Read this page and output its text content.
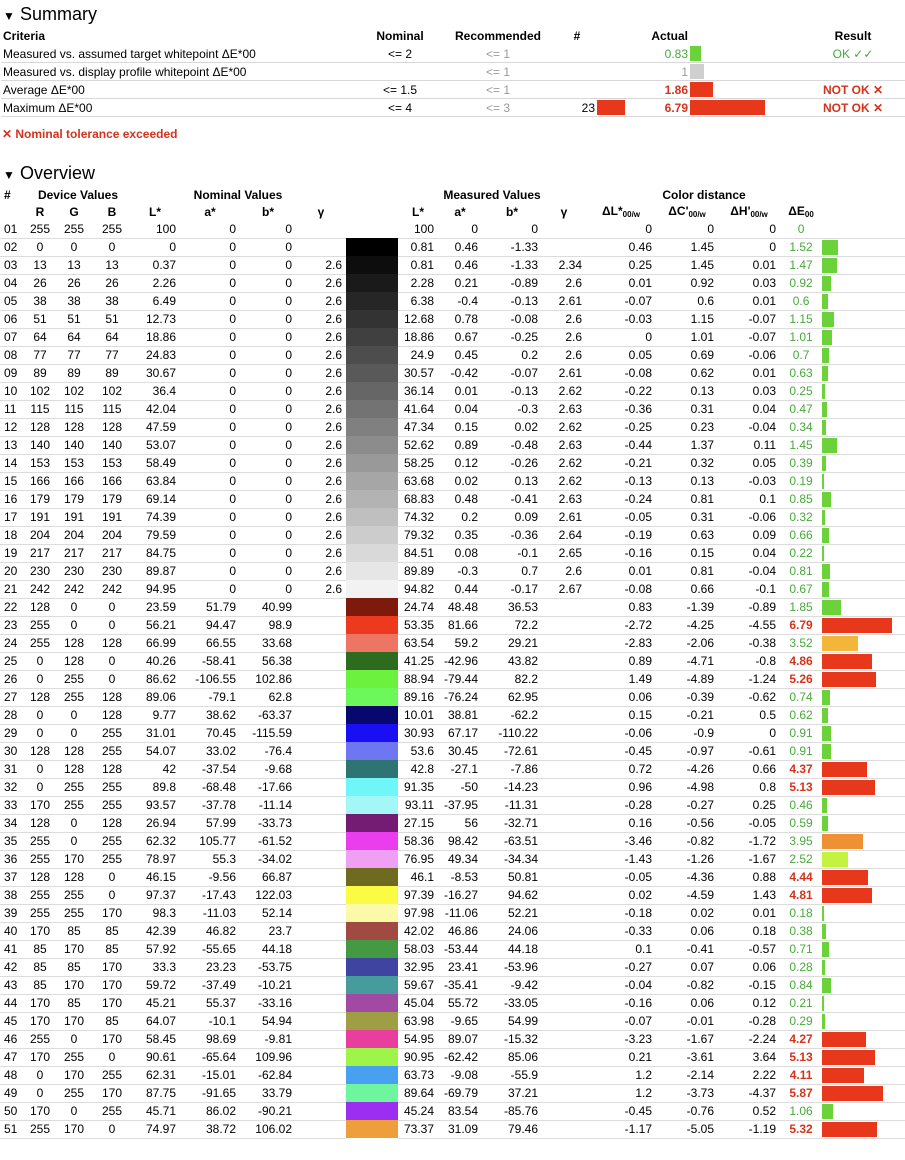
▼ Summary
Criteria	Nominal	Recommended	#		Actual			Result
Measured vs. assumed target whitepoint ΔE*00	<= 2	<= 1			0.83			OK ✓✓
Measured vs. display profile whitepoint ΔE*00		<= 1			1	

Average ΔE*00	<= 1.5	<= 1			1.86			NOT OK ✕
Maximum ΔE*00	<= 4	<= 3	23		6.79			NOT OK ✕
✕ Nominal tolerance exceeded
▼ Overview
#	Device Values			Nominal Values					Measured Values				Color distance				
	R	G	B	L*	a*	b*	γ		L*	a*	b*	γ	$\Delta L*_{00/w}$	$\Delta C'_{00/w}$	$\Delta H'_{00/w}$	$\Delta E_{00}$	
01	255	255	255	100	0	0			100	0	0		0	0	0	0	

02	0	0	0	0	0	0			0.81	0.46	-1.33		0.46	1.45	0	1.52	

03	13	13	13	0.37	0	0	2.6		0.81	0.46	-1.33	2.34	0.25	1.45	0.01	1.47	

04	26	26	26	2.26	0	0	2.6		2.28	0.21	-0.89	2.6	0.01	0.92	0.03	0.92	

05	38	38	38	6.49	0	0	2.6		6.38	-0.4	-0.13	2.61	-0.07	0.6	0.01	0.6	

06	51	51	51	12.73	0	0	2.6		12.68	0.78	-0.08	2.6	-0.03	1.15	-0.07	1.15	

07	64	64	64	18.86	0	0	2.6		18.86	0.67	-0.25	2.6	0	1.01	-0.07	1.01	

08	77	77	77	24.83	0	0	2.6		24.9	0.45	0.2	2.6	0.05	0.69	-0.06	0.7	

09	89	89	89	30.67	0	0	2.6		30.57	-0.42	-0.07	2.61	-0.08	0.62	0.01	0.63	

10	102	102	102	36.4	0	0	2.6		36.14	0.01	-0.13	2.62	-0.22	0.13	0.03	0.25	

11	115	115	115	42.04	0	0	2.6		41.64	0.04	-0.3	2.63	-0.36	0.31	0.04	0.47	

12	128	128	128	47.59	0	0	2.6		47.34	0.15	0.02	2.62	-0.25	0.23	-0.04	0.34	

13	140	140	140	53.07	0	0	2.6		52.62	0.89	-0.48	2.63	-0.44	1.37	0.11	1.45	

14	153	153	153	58.49	0	0	2.6		58.25	0.12	-0.26	2.62	-0.21	0.32	0.05	0.39	

15	166	166	166	63.84	0	0	2.6		63.68	0.02	0.13	2.62	-0.13	0.13	-0.03	0.19	

16	179	179	179	69.14	0	0	2.6		68.83	0.48	-0.41	2.63	-0.24	0.81	0.1	0.85	

17	191	191	191	74.39	0	0	2.6		74.32	0.2	0.09	2.61	-0.05	0.31	-0.06	0.32	

18	204	204	204	79.59	0	0	2.6		79.32	0.35	-0.36	2.64	-0.19	0.63	0.09	0.66	

19	217	217	217	84.75	0	0	2.6		84.51	0.08	-0.1	2.65	-0.16	0.15	0.04	0.22	

20	230	230	230	89.87	0	0	2.6		89.89	-0.3	0.7	2.6	0.01	0.81	-0.04	0.81	

21	242	242	242	94.95	0	0	2.6		94.82	0.44	-0.17	2.67	-0.08	0.66	-0.1	0.67	

22	128	0	0	23.59	51.79	40.99			24.74	48.48	36.53		0.83	-1.39	-0.89	1.85	

23	255	0	0	56.21	94.47	98.9			53.35	81.66	72.2		-2.72	-4.25	-4.55	6.79	

24	255	128	128	66.99	66.55	33.68			63.54	59.2	29.21		-2.83	-2.06	-0.38	3.52	

25	0	128	0	40.26	-58.41	56.38			41.25	-42.96	43.82		0.89	-4.71	-0.8	4.86	

26	0	255	0	86.62	-106.55	102.86			88.94	-79.44	82.2		1.49	-4.89	-1.24	5.26	

27	128	255	128	89.06	-79.1	62.8			89.16	-76.24	62.95		0.06	-0.39	-0.62	0.74	

28	0	0	128	9.77	38.62	-63.37			10.01	38.81	-62.2		0.15	-0.21	0.5	0.62	

29	0	0	255	31.01	70.45	-115.59			30.93	67.17	-110.22		-0.06	-0.9	0	0.91	

30	128	128	255	54.07	33.02	-76.4			53.6	30.45	-72.61		-0.45	-0.97	-0.61	0.91	

31	0	128	128	42	-37.54	-9.68			42.8	-27.1	-7.86		0.72	-4.26	0.66	4.37	

32	0	255	255	89.8	-68.48	-17.66			91.35	-50	-14.23		0.96	-4.98	0.8	5.13	

33	170	255	255	93.57	-37.78	-11.14			93.11	-37.95	-11.31		-0.28	-0.27	0.25	0.46	

34	128	0	128	26.94	57.99	-33.73			27.15	56	-32.71		0.16	-0.56	-0.05	0.59	

35	255	0	255	62.32	105.77	-61.52			58.36	98.42	-63.51		-3.46	-0.82	-1.72	3.95	

36	255	170	255	78.97	55.3	-34.02			76.95	49.34	-34.34		-1.43	-1.26	-1.67	2.52	

37	128	128	0	46.15	-9.56	66.87			46.1	-8.53	50.81		-0.05	-4.36	0.88	4.44	

38	255	255	0	97.37	-17.43	122.03			97.39	-16.27	94.62		0.02	-4.59	1.43	4.81	

39	255	255	170	98.3	-11.03	52.14			97.98	-11.06	52.21		-0.18	0.02	0.01	0.18	

40	170	85	85	42.39	46.82	23.7			42.02	46.86	24.06		-0.33	0.06	0.18	0.38	

41	85	170	85	57.92	-55.65	44.18			58.03	-53.44	44.18		0.1	-0.41	-0.57	0.71	

42	85	85	170	33.3	23.23	-53.75			32.95	23.41	-53.96		-0.27	0.07	0.06	0.28	

43	85	170	170	59.72	-37.49	-10.21			59.67	-35.41	-9.42		-0.04	-0.82	-0.15	0.84	

44	170	85	170	45.21	55.37	-33.16			45.04	55.72	-33.05		-0.16	0.06	0.12	0.21	

45	170	170	85	64.07	-10.1	54.94			63.98	-9.65	54.99		-0.07	-0.01	-0.28	0.29	

46	255	0	170	58.45	98.69	-9.81			54.95	89.07	-15.32		-3.23	-1.67	-2.24	4.27	

47	170	255	0	90.61	-65.64	109.96			90.95	-62.42	85.06		0.21	-3.61	3.64	5.13	

48	0	170	255	62.31	-15.01	-62.84			63.73	-9.08	-55.9		1.2	-2.14	2.22	4.11	

49	0	255	170	87.75	-91.65	33.79			89.64	-69.79	37.21		1.2	-3.73	-4.37	5.87	

50	170	0	255	45.71	86.02	-90.21			45.24	83.54	-85.76		-0.45	-0.76	0.52	1.06	

51	255	170	0	74.97	38.72	106.02			73.37	31.09	79.46		-1.17	-5.05	-1.19	5.32	
